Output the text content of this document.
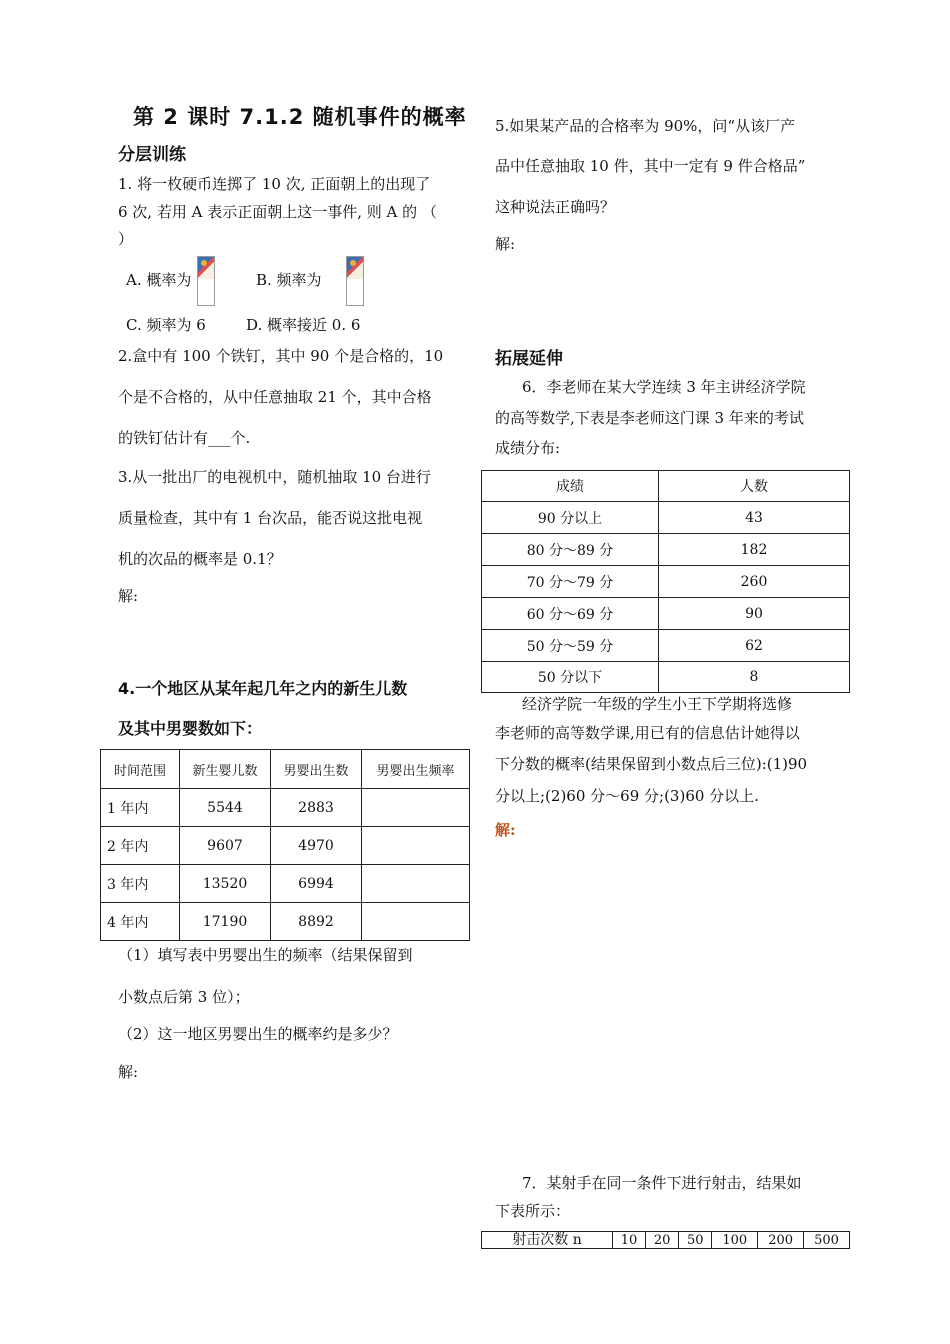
第 2 课时 7.1.2 随机事件的概率
分层训练
1. 将一枚硬币连掷了 10 次, 正面朝上的出现了
6 次, 若用 A 表示正面朝上这一事件, 则 A 的 （
）
A. 概率为
	B. 频率为
C. 频率为 6	D. 概率接近 0. 6
2.盒中有 100 个铁钉，其中 90 个是合格的，10
个是不合格的，从中任意抽取 21 个，其中合格
的铁钉估计有___个.
3.从一批出厂的电视机中，随机抽取 10 台进行
质量检查，其中有 1 台次品，能否说这批电视
机的次品的概率是 0.1？
解:
4.一个地区从某年起几年之内的新生儿数
及其中男婴数如下：
时间范围	新生婴儿数	男婴出生数	男婴出生频率
1 年内	5544	2883	
2 年内	9607	4970	
3 年内	13520	6994	
4 年内	17190	8892	
（1）填写表中男婴出生的频率（结果保留到
小数点后第 3 位）；
（2）这一地区男婴出生的概率约是多少？
解:
5.如果某产品的合格率为 90%，问“从该厂产
品中任意抽取 10 件，其中一定有 9 件合格品”
这种说法正确吗？
解:
拓展延伸
6．李老师在某大学连续 3 年主讲经济学院
的高等数学,下表是李老师这门课 3 年来的考试
成绩分布:
成绩	人数
90 分以上	43
80 分～89 分	182
70 分～79 分	260
60 分～69 分	90
50 分～59 分	62
50 分以下	8
经济学院一年级的学生小王下学期将选修
李老师的高等数学课,用已有的信息估计她得以
下分数的概率(结果保留到小数点后三位):(1)90
分以上;(2)60 分～69 分;(3)60 分以上.
解:
7．某射手在同一条件下进行射击，结果如
下表所示：
射击次数 n	10	20	50	100	200	500
